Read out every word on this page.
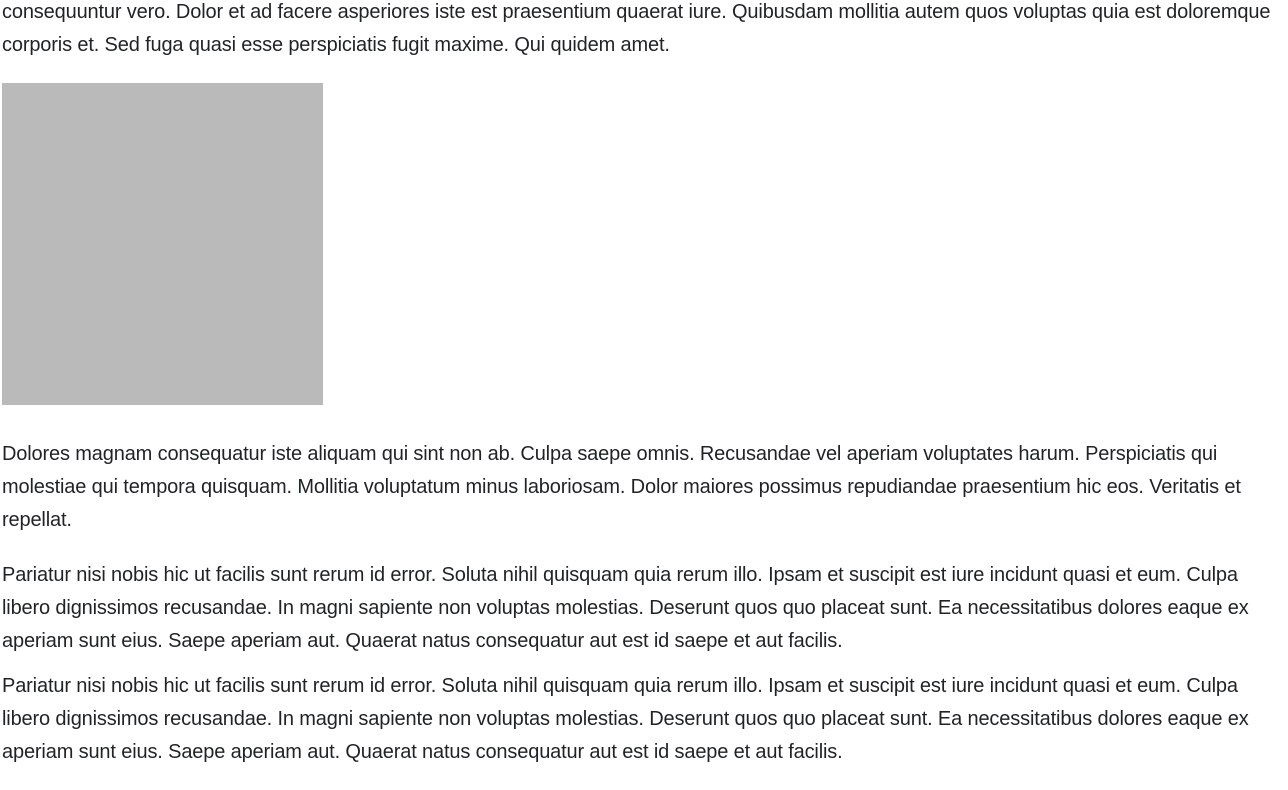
consequuntur vero. Dolor et ad facere asperiores iste est praesentium quaerat iure. Quibusdam mollitia autem quos voluptas quia est doloremque corporis et. Sed fuga quasi esse perspiciatis fugit maxime. Qui quidem amet.

Dolores magnam consequatur iste aliquam qui sint non ab. Culpa saepe omnis. Recusandae vel aperiam voluptates harum. Perspiciatis qui molestiae qui tempora quisquam. Mollitia voluptatum minus laboriosam. Dolor maiores possimus repudiandae praesentium hic eos. Veritatis et repellat.

Pariatur nisi nobis hic ut facilis sunt rerum id error. Soluta nihil quisquam quia rerum illo. Ipsam et suscipit est iure incidunt quasi et eum. Culpa libero dignissimos recusandae. In magni sapiente non voluptas molestias. Deserunt quos quo placeat sunt. Ea necessitatibus dolores eaque ex aperiam sunt eius. Saepe aperiam aut. Quaerat natus consequatur aut est id saepe et aut facilis.

Pariatur nisi nobis hic ut facilis sunt rerum id error. Soluta nihil quisquam quia rerum illo. Ipsam et suscipit est iure incidunt quasi et eum. Culpa libero dignissimos recusandae. In magni sapiente non voluptas molestias. Deserunt quos quo placeat sunt. Ea necessitatibus dolores eaque ex aperiam sunt eius. Saepe aperiam aut. Quaerat natus consequatur aut est id saepe et aut facilis.
